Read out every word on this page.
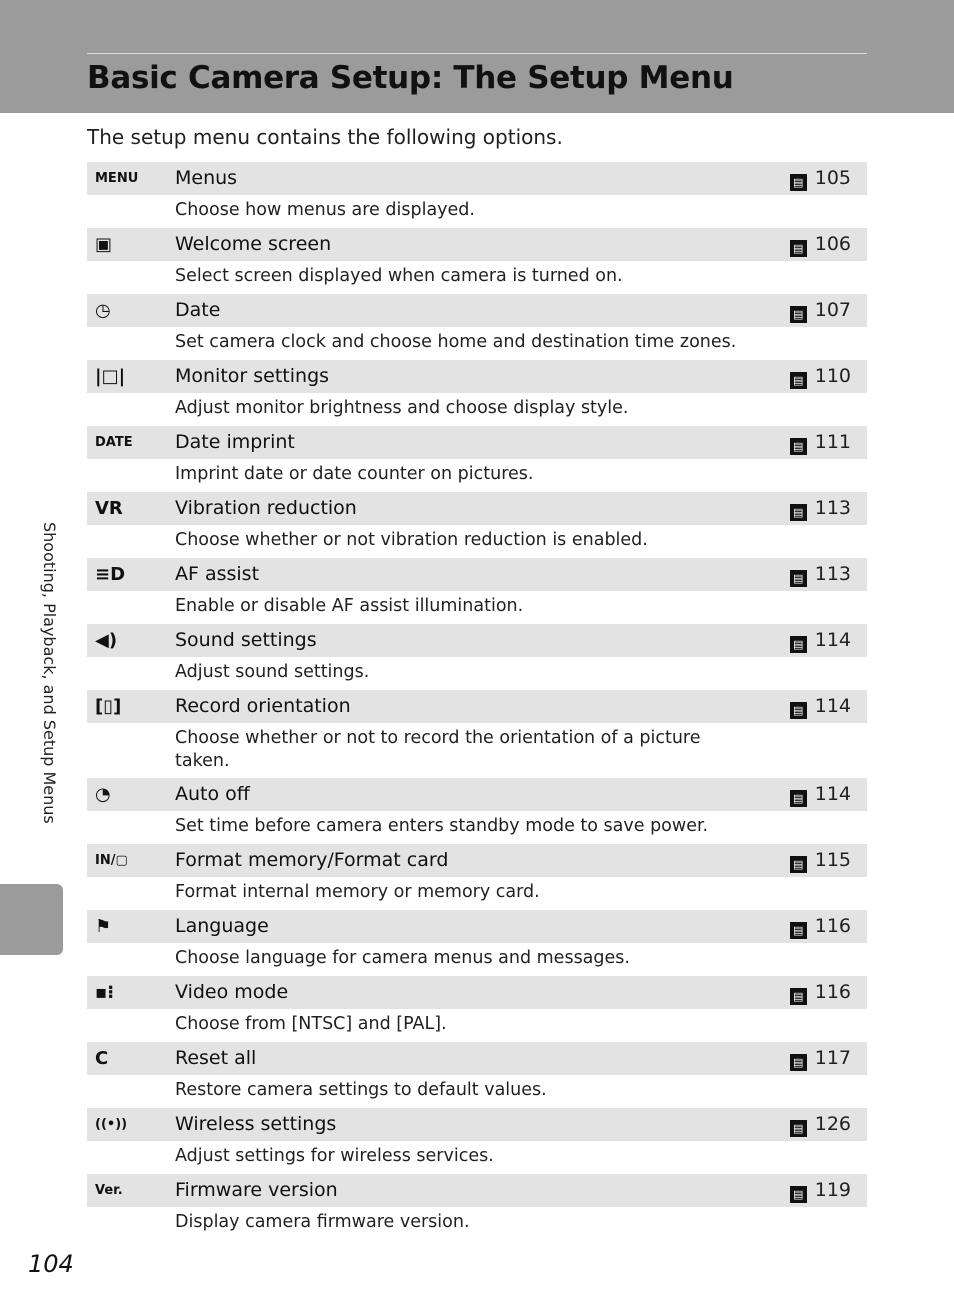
Basic Camera Setup: The Setup Menu
The setup menu contains the following options.
MENU	Menus	▤ 105
Choose how menus are displayed.
▣	Welcome screen	▤ 106
Select screen displayed when camera is turned on.
◷	Date	▤ 107
Set camera clock and choose home and destination time zones.
|□|	Monitor settings	▤ 110
Adjust monitor brightness and choose display style.
DATE	Date imprint	▤ 111
Imprint date or date counter on pictures.
VR	Vibration reduction	▤ 113
Choose whether or not vibration reduction is enabled.
≡D	AF assist	▤ 113
Enable or disable AF assist illumination.
◀)	Sound settings	▤ 114
Adjust sound settings.
[▯]	Record orientation	▤ 114
Choose whether or not to record the orientation of a picture taken.
◔	Auto off	▤ 114
Set time before camera enters standby mode to save power.
IN/▢	Format memory/Format card	▤ 115
Format internal memory or memory card.
⚑	Language	▤ 116
Choose language for camera menus and messages.
▪⁝	Video mode	▤ 116
Choose from [NTSC] and [PAL].
C	Reset all	▤ 117
Restore camera settings to default values.
((•))	Wireless settings	▤ 126
Adjust settings for wireless services.
Ver.	Firmware version	▤ 119
Display camera firmware version.
Shooting, Playback, and Setup Menus
104
